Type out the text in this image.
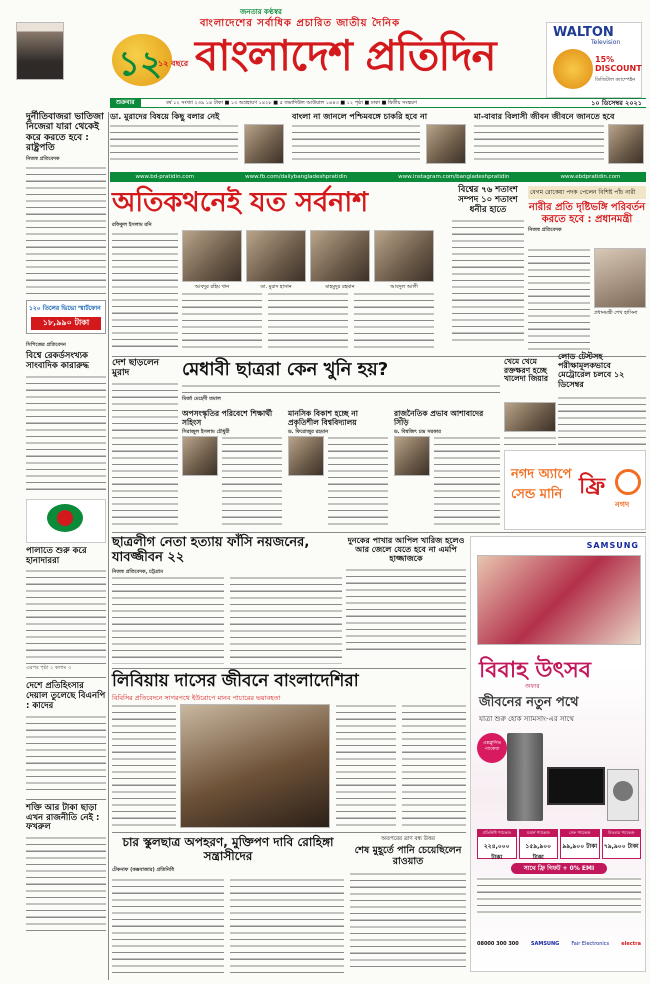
১২
১২ বছরে
জনতার কণ্ঠস্বর
বাংলাদেশের সর্বাধিক প্রচারিত জাতীয় দৈনিক
বাংলাদেশ প্রতিদিন	WALTON
Television
15% DISCOUNT
ডিজিটাল ক্যাম্পেইন
শুক্রবার	বর্ষ ১২ সংখ্যা ২৩৯ ১৪ টাকা ■ ১৩ অগ্রহায়ণ ১৪২৮ ■ ৫ জমাদিউল আউয়াল ১৪৪৩ ■ ১২ পৃষ্ঠা ■ ঢাকা ■ দ্বিতীয় সংস্করণ	১০ ডিসেম্বর ২০২১
ডা. মুরাদের বিষয়ে কিছু বলার নেই	বাংলা না জানলে পশ্চিমবঙ্গে চাকরি হবে না	মা-বাবার বিলাসী জীবন জীবনে জানতে হবে
www.bd-pratidin.com	www.fb.com/dailybangladeshpratidin	www.instagram.com/bangladeshpratidin	www.ebdpratidin.com
দুর্নীতিবাজরা ভাতিজা নিজেরা যারা থেকেই করে করতে হবে : রাষ্ট্রপতি
নিজস্ব প্রতিবেদক
১২০ তিলের ভিভো স্মার্টফোন
১৮,৯৯০ টাকা
সিপিজের প্রতিবেদন
বিশ্বে রেকর্ডসংখ্যক সাংবাদিক কারারুদ্ধ
পালাতে শুরু করে হানাদাররা
এরপর পৃষ্ঠা ২ কলাম ৩
দেশে প্রতিহিংসার দেয়াল তুলেছে বিএনপি : কাদের
শক্তি আর টাকা ছাড়া এখন রাজনীতি নেই : ফখরুল
অতিকথনেই যত সর্বনাশ
রফিকুল ইসলাম রনি
আবদুর রহিম খান	ডা. মুরাদ হাসান	মাহমুদুর রহমান	আবদুল আলী
বিশ্বের ৭৬ শতাংশ সম্পদ ১০ শতাংশ ধনীর হাতে
বেগম রোকেয়া পদক পেলেন বিশিষ্ট পাঁচ নারী
নারীর প্রতি দৃষ্টিভঙ্গি পরিবর্তন করতে হবে : প্রধানমন্ত্রী
নিজস্ব প্রতিবেদক
প্রধানমন্ত্রী শেখ হাসিনা
দেশ ছাড়লেন মুরাদ	মেধাবী ছাত্ররা কেন খুনি হয়?
মির্জা মেহেদী তমাল
খেমে খেমে রক্তক্ষরণ হচ্ছে খালেদা জিয়ার
লোড টেস্টসহ পরীক্ষামূলকভাবে মেট্রোরেল চলবে ১২ ডিসেম্বর
অপসংস্কৃতির পরিবেশে শিক্ষার্থী সহিংস
সিরাজুল ইসলাম চৌধুরী
মানসিক বিকাশ হচ্ছে না প্রকৃতিশীল বিশ্ববিদ্যালয়
ড. ফিরোজুর রহমান
রাজনৈতিক প্রভাব আশাবাদের সিঁড়ি
ড. বিশ্বজিৎ চন্দ্র সরকার
নগদ অ্যাপে
সেন্ড মানি ফ্রি
নগদ
ছাত্রলীগ নেতা হত্যায় ফাঁসি নয়জনের, যাবজ্জীবন ২২
নিজস্ব প্রতিবেদক, চট্টগ্রাম
দুনকের পাখার আপিল খারিজ হলেও আর জেলে যেতে হবে না এমপি হাজ্জাজকে
SAMSUNG
বিবাহ উৎসব
অফার
জীবনের নতুন পথে
যাত্রা শুরু হোক স্যামসাং-এর সাথে
এক্সক্লুসিভ প্যাকেজ
প্রতিনিধি প্যাকেজ
২২৪,০০০ টাকা
মডার্ন প্যাকেজ
১৫৯,৯০০ টাকা
সেফ প্যাকেজ
৯৯,৯০০ টাকা
মিতব্যয় প্যাকেজ
৭৯,৯০০ টাকা
সাথে ফ্রি গিফট + 0% EMI
08000 300 300 SAMSUNG Fair Electronics electra
লিবিয়ায় দাসের জীবনে বাংলাদেশিরা
বিবিসির প্রতিবেদনে সাগরপথে ইউরোপে মানব পাচারের ভয়াবহতা
চার স্কুলছাত্র অপহরণ, মুক্তিপণ দাবি রোহিঙ্গা সন্ত্রাসীদের
টেকনাফ (কক্সবাজার) প্রতিনিধি
অতপরের ত্রাণ বন্ধ উত্তর
শেষ মুহূর্তে পানি চেয়েছিলেন রাওয়াত
